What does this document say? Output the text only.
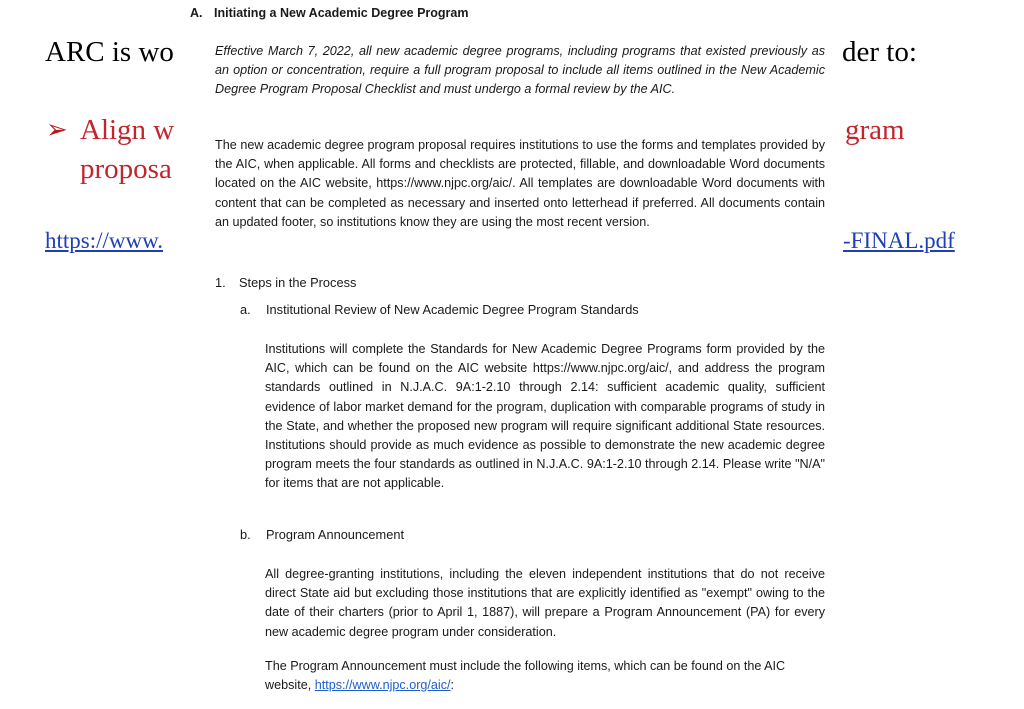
ARC is wo	der to:
➢ Align w	gram
proposa
https://www.	-FINAL.pdf
A. Initiating a New Academic Degree Program
Effective March 7, 2022, all new academic degree programs, including programs that existed previously as an option or concentration, require a full program proposal to include all items outlined in the New Academic Degree Program Proposal Checklist and must undergo a formal review by the AIC.
The new academic degree program proposal requires institutions to use the forms and templates provided by the AIC, when applicable. All forms and checklists are protected, fillable, and downloadable Word documents located on the AIC website, https://www.njpc.org/aic/. All templates are downloadable Word documents with content that can be completed as necessary and inserted onto letterhead if preferred. All documents contain an updated footer, so institutions know they are using the most recent version.
1. Steps in the Process
a. Institutional Review of New Academic Degree Program Standards
Institutions will complete the Standards for New Academic Degree Programs form provided by the AIC, which can be found on the AIC website https://www.njpc.org/aic/, and address the program standards outlined in N.J.A.C. 9A:1-2.10 through 2.14: sufficient academic quality, sufficient evidence of labor market demand for the program, duplication with comparable programs of study in the State, and whether the proposed new program will require significant additional State resources. Institutions should provide as much evidence as possible to demonstrate the new academic degree program meets the four standards as outlined in N.J.A.C. 9A:1-2.10 through 2.14. Please write "N/A" for items that are not applicable.
b. Program Announcement
All degree-granting institutions, including the eleven independent institutions that do not receive direct State aid but excluding those institutions that are explicitly identified as "exempt" owing to the date of their charters (prior to April 1, 1887), will prepare a Program Announcement (PA) for every new academic degree program under consideration.
The Program Announcement must include the following items, which can be found on the AIC website, https://www.njpc.org/aic/:
